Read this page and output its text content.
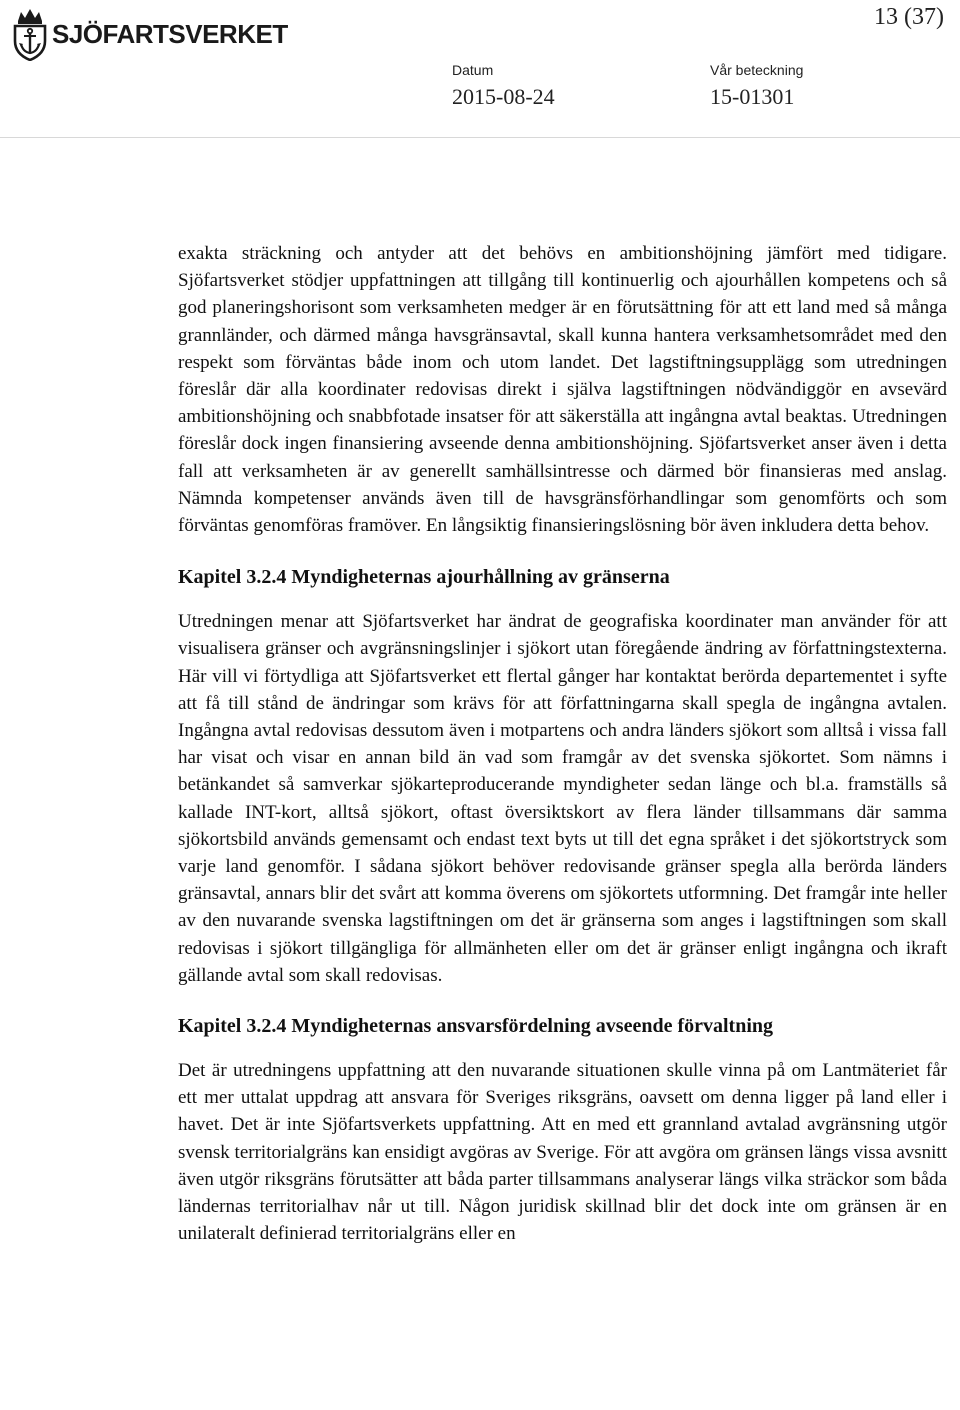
SJÖFARTSVERKET
13 (37)
Datum
2015-08-24
Vår beteckning
15-01301

exakta sträckning och antyder att det behövs en ambitionshöjning jämfört med tidigare. Sjöfartsverket stödjer uppfattningen att tillgång till kontinuerlig och ajourhållen kompetens och så god planeringshorisont som verksamheten medger är en förutsättning för att ett land med så många grannländer, och därmed många havsgränsavtal, skall kunna hantera verksamhetsområdet med den respekt som förväntas både inom och utom landet. Det lagstiftningsupplägg som utredningen föreslår där alla koordinater redovisas direkt i själva lagstiftningen nödvändiggör en avsevärd ambitionshöjning och snabbfotade insatser för att säkerställa att ingångna avtal beaktas. Utredningen föreslår dock ingen finansiering avseende denna ambitionshöjning. Sjöfartsverket anser även i detta fall att verksamheten är av generellt samhällsintresse och därmed bör finansieras med anslag. Nämnda kompetenser används även till de havsgränsförhandlingar som genomförts och som förväntas genomföras framöver. En långsiktig finansieringslösning bör även inkludera detta behov.

Kapitel 3.2.4 Myndigheternas ajourhållning av gränserna

Utredningen menar att Sjöfartsverket har ändrat de geografiska koordinater man använder för att visualisera gränser och avgränsningslinjer i sjökort utan föregående ändring av författningstexterna. Här vill vi förtydliga att Sjöfartsverket ett flertal gånger har kontaktat berörda departementet i syfte att få till stånd de ändringar som krävs för att författningarna skall spegla de ingångna avtalen. Ingångna avtal redovisas dessutom även i motpartens och andra länders sjökort som alltså i vissa fall har visat och visar en annan bild än vad som framgår av det svenska sjökortet. Som nämns i betänkandet så samverkar sjökarteproducerande myndigheter sedan länge och bl.a. framställs så kallade INT-kort, alltså sjökort, oftast översiktskort av flera länder tillsammans där samma sjökortsbild används gemensamt och endast text byts ut till det egna språket i det sjökortstryck som varje land genomför. I sådana sjökort behöver redovisande gränser spegla alla berörda länders gränsavtal, annars blir det svårt att komma överens om sjökortets utformning. Det framgår inte heller av den nuvarande svenska lagstiftningen om det är gränserna som anges i lagstiftningen som skall redovisas i sjökort tillgängliga för allmänheten eller om det är gränser enligt ingångna och ikraft gällande avtal som skall redovisas.

Kapitel 3.2.4 Myndigheternas ansvarsfördelning avseende förvaltning

Det är utredningens uppfattning att den nuvarande situationen skulle vinna på om Lantmäteriet får ett mer uttalat uppdrag att ansvara för Sveriges riksgräns, oavsett om denna ligger på land eller i havet. Det är inte Sjöfartsverkets uppfattning. Att en med ett grannland avtalad avgränsning utgör svensk territorialgräns kan ensidigt avgöras av Sverige. För att avgöra om gränsen längs vissa avsnitt även utgör riksgräns förutsätter att båda parter tillsammans analyserar längs vilka sträckor som båda ländernas territorialhav når ut till. Någon juridisk skillnad blir det dock inte om gränsen är en unilateralt definierad territorialgräns eller en
